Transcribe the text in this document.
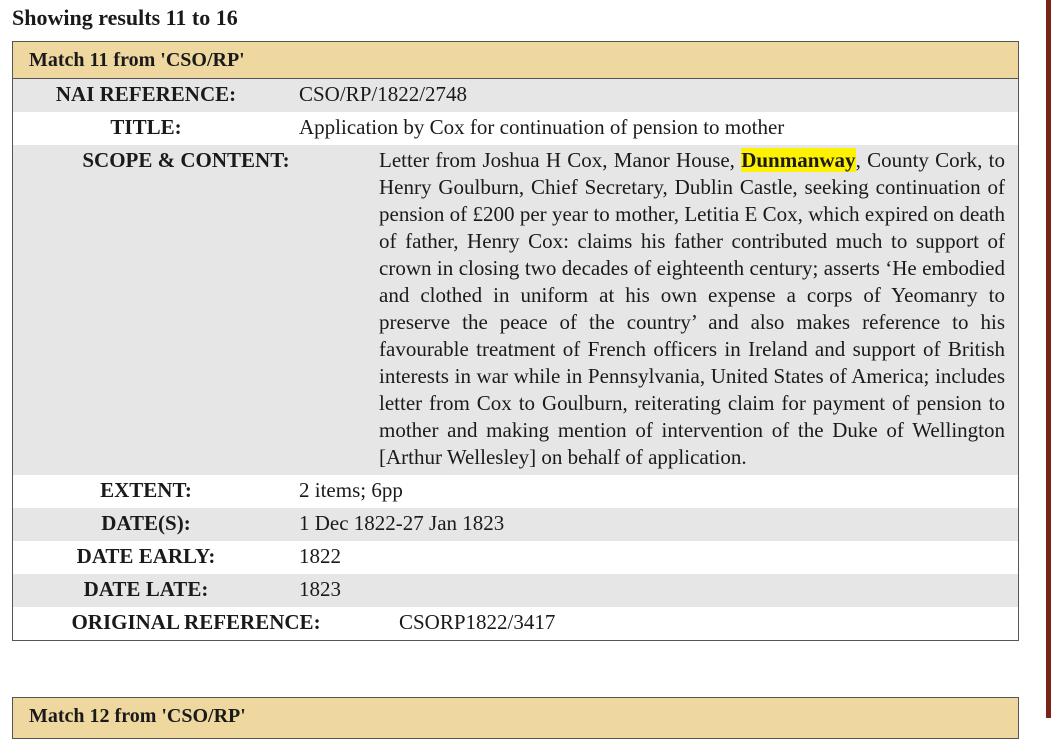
Showing results 11 to 16
Match 11 from 'CSO/RP'
NAI REFERENCE:	CSO/RP/1822/2748
TITLE:	Application by Cox for continuation of pension to mother
SCOPE & CONTENT:	Letter from Joshua H Cox, Manor House, Dunmanway, County Cork, to Henry Goulburn, Chief Secretary, Dublin Castle, seeking continuation of pension of £200 per year to mother, Letitia E Cox, which expired on death of father, Henry Cox: claims his father contributed much to support of crown in closing two decades of eighteenth century; asserts ‘He embodied and clothed in uniform at his own expense a corps of Yeomanry to preserve the peace of the country’ and also makes reference to his favourable treatment of French officers in Ireland and support of British interests in war while in Pennsylvania, United States of America; includes letter from Cox to Goulburn, reiterating claim for payment of pension to mother and making mention of intervention of the Duke of Wellington [Arthur Wellesley] on behalf of application.
EXTENT:	2 items; 6pp
DATE(S):	1 Dec 1822-27 Jan 1823
DATE EARLY:	1822
DATE LATE:	1823
ORIGINAL REFERENCE:	CSORP1822/3417
Match 12 from 'CSO/RP'
